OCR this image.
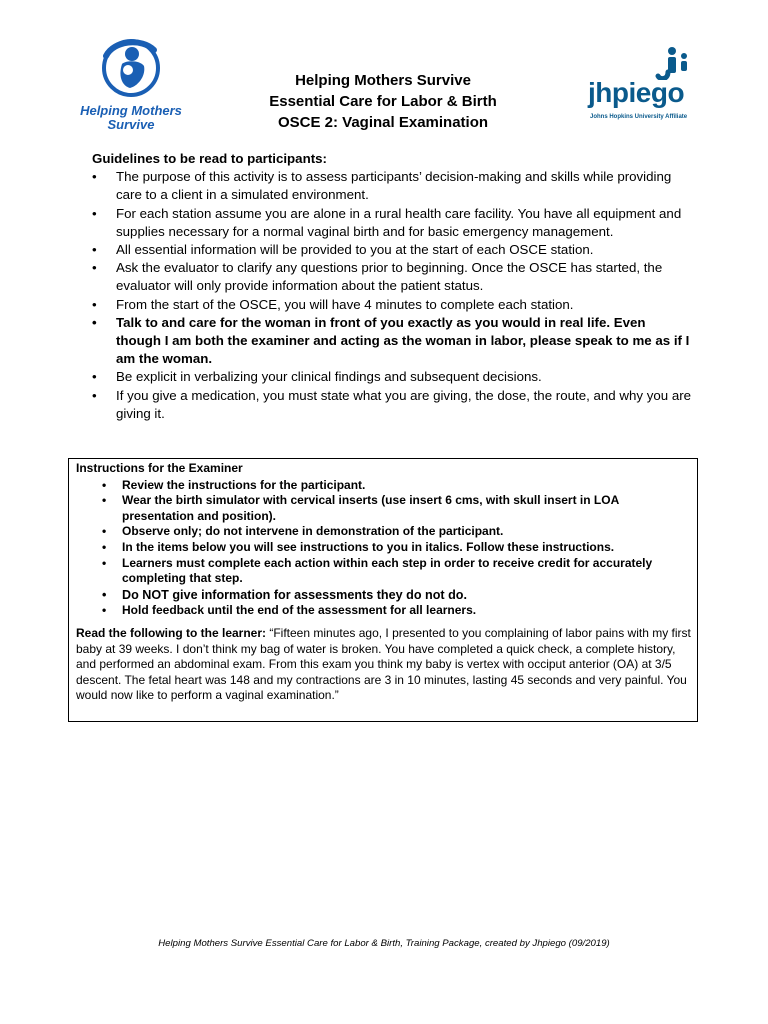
Helping Mothers
Survive
Helping Mothers Survive
Essential Care for Labor & Birth
OSCE 2: Vaginal Examination
jhpiego
Johns Hopkins University Affiliate
Guidelines to be read to participants:
• The purpose of this activity is to assess participants’ decision-making and skills while providing care to a client in a simulated environment.
• For each station assume you are alone in a rural health care facility. You have all equipment and supplies necessary for a normal vaginal birth and for basic emergency management.
• All essential information will be provided to you at the start of each OSCE station.
• Ask the evaluator to clarify any questions prior to beginning. Once the OSCE has started, the evaluator will only provide information about the patient status.
• From the start of the OSCE, you will have 4 minutes to complete each station.
• Talk to and care for the woman in front of you exactly as you would in real life. Even though I am both the examiner and acting as the woman in labor, please speak to me as if I am the woman.
• Be explicit in verbalizing your clinical findings and subsequent decisions.
• If you give a medication, you must state what you are giving, the dose, the route, and why you are giving it.
Instructions for the Examiner
• Review the instructions for the participant.
• Wear the birth simulator with cervical inserts (use insert 6 cms, with skull insert in LOA presentation and position).
• Observe only; do not intervene in demonstration of the participant.
• In the items below you will see instructions to you in italics. Follow these instructions.
• Learners must complete each action within each step in order to receive credit for accurately completing that step.
• Do NOT give information for assessments they do not do.
• Hold feedback until the end of the assessment for all learners.

Read the following to the learner: “Fifteen minutes ago, I presented to you complaining of labor pains with my first baby at 39 weeks. I don’t think my bag of water is broken. You have completed a quick check, a complete history, and performed an abdominal exam. From this exam you think my baby is vertex with occiput anterior (OA) at 3/5 descent. The fetal heart was 148 and my contractions are 3 in 10 minutes, lasting 45 seconds and very painful. You would now like to perform a vaginal examination.”

Helping Mothers Survive Essential Care for Labor & Birth, Training Package, created by Jhpiego (09/2019)
